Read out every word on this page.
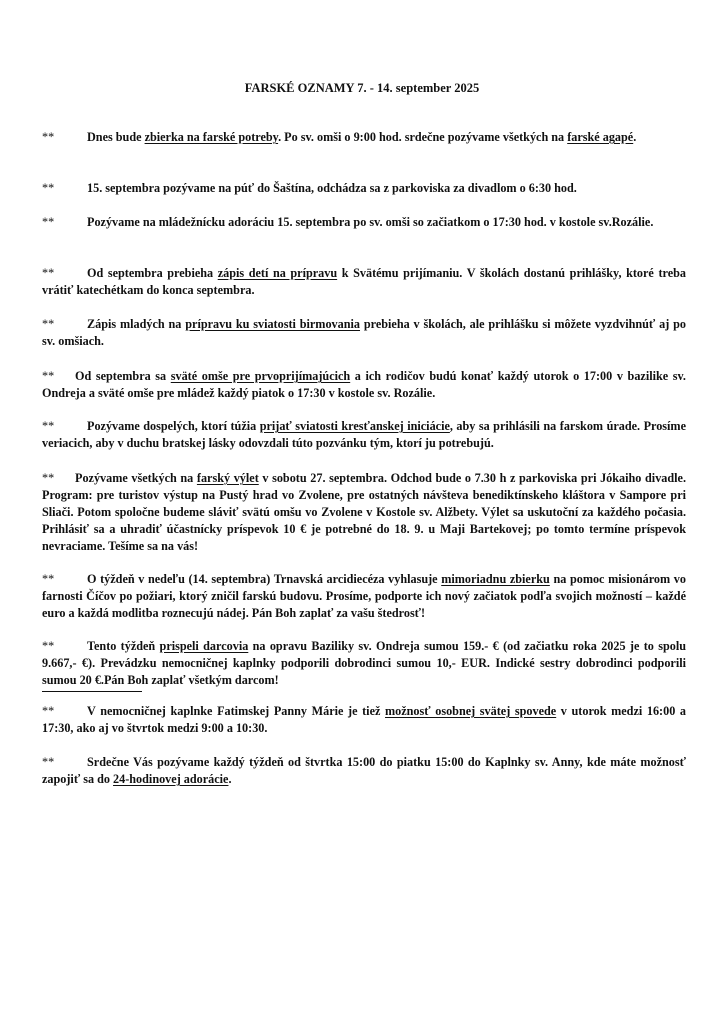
FARSKÉ OZNAMY 7. - 14. september 2025

**	Dnes bude zbierka na farské potreby. Po sv. omši o 9:00 hod. srdečne pozývame všetkých na farské agapé.

**	15. septembra pozývame na púť do Šaštína, odchádza sa z parkoviska za divadlom o 6:30 hod.

**	Pozývame na mládežnícku adoráciu 15. septembra po sv. omši so začiatkom o 17:30 hod. v kostole sv.Rozálie.

**	Od septembra prebieha zápis detí na prípravu k Svätému prijímaniu. V školách dostanú prihlášky, ktoré treba vrátiť katechétkam do konca septembra.

**	Zápis mladých na prípravu ku sviatosti birmovania prebieha v školách, ale prihlášku si môžete vyzdvihnúť aj po sv. omšiach.

** Od septembra sa sväté omše pre prvoprijímajúcich a ich rodičov budú konať každý utorok o 17:00 v bazilike sv. Ondreja a sväté omše pre mládež každý piatok o 17:30 v kostole sv. Rozálie.

**	Pozývame dospelých, ktorí túžia prijať sviatosti kresťanskej iniciácie, aby sa prihlásili na farskom úrade. Prosíme veriacich, aby v duchu bratskej lásky odovzdali túto pozvánku tým, ktorí ju potrebujú.

** Pozývame všetkých na farský výlet v sobotu 27. septembra. Odchod bude o 7.30 h z parkoviska pri Jókaiho divadle. Program: pre turistov výstup na Pustý hrad vo Zvolene, pre ostatných návšteva benediktínskeho kláštora v Sampore pri Sliači. Potom spoločne budeme sláviť svätú omšu vo Zvolene v Kostole sv. Alžbety. Výlet sa uskutoční za každého počasia. Prihlásiť sa a uhradiť účastnícky príspevok 10 € je potrebné do 18. 9. u Maji Bartekovej; po tomto termíne príspevok nevraciame. Tešíme sa na vás!

**	O týždeň v nedeľu (14. septembra) Trnavská arcidiecéza vyhlasuje mimoriadnu zbierku na pomoc misionárom vo farnosti Číčov po požiari, ktorý zničil farskú budovu. Prosíme, podporte ich nový začiatok podľa svojich možností – každé euro a každá modlitba roznecujú nádej. Pán Boh zaplať za vašu štedrosť!

**	Tento týždeň prispeli darcovia na opravu Baziliky sv. Ondreja sumou 159.- € (od začiatku roka 2025 je to spolu 9.667,- €). Prevádzku nemocničnej kaplnky podporili dobrodinci sumou 10,- EUR. Indické sestry dobrodinci podporili sumou 20 €.Pán Boh zaplať všetkým darcom!

**	V nemocničnej kaplnke Fatimskej Panny Márie je tiež možnosť osobnej svätej spovede v utorok medzi 16:00 a 17:30, ako aj vo štvrtok medzi 9:00 a 10:30.

**	Srdečne Vás pozývame každý týždeň od štvrtka 15:00 do piatku 15:00 do Kaplnky sv. Anny, kde máte možnosť zapojiť sa do 24-hodinovej adorácie.
